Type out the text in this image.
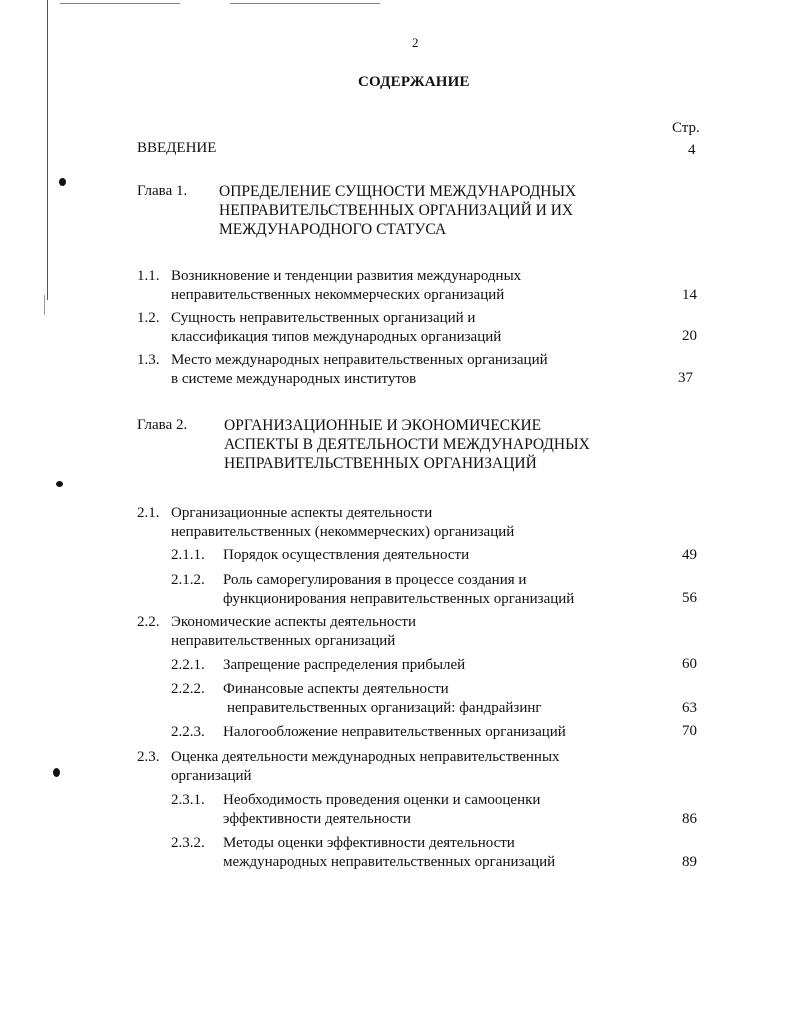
2
СОДЕРЖАНИЕ
Стр.
ВВЕДЕНИЕ	4
Глава 1. ОПРЕДЕЛЕНИЕ СУЩНОСТИ МЕЖДУНАРОДНЫХ
НЕПРАВИТЕЛЬСТВЕННЫХ ОРГАНИЗАЦИЙ И ИХ
МЕЖДУНАРОДНОГО СТАТУСА
1.1. Возникновение и тенденции развития международных
неправительственных некоммерческих организаций	14
1.2. Сущность неправительственных организаций и
классификация типов международных организаций	20
1.3. Место международных неправительственных организаций
в системе международных институтов	37
Глава 2. ОРГАНИЗАЦИОННЫЕ И ЭКОНОМИЧЕСКИЕ
АСПЕКТЫ В ДЕЯТЕЛЬНОСТИ МЕЖДУНАРОДНЫХ
НЕПРАВИТЕЛЬСТВЕННЫХ ОРГАНИЗАЦИЙ
2.1. Организационные аспекты деятельности
неправительственных (некоммерческих) организаций
2.1.1. Порядок осуществления деятельности	49
2.1.2. Роль саморегулирования в процессе создания и
функционирования неправительственных организаций	56
2.2. Экономические аспекты деятельности
неправительственных организаций
2.2.1. Запрещение распределения прибылей	60
2.2.2. Финансовые аспекты деятельности
неправительственных организаций: фандрайзинг	63
2.2.3. Налогообложение неправительственных организаций	70
2.3. Оценка деятельности международных неправительственных
организаций
2.3.1. Необходимость проведения оценки и самооценки
эффективности деятельности	86
2.3.2. Методы оценки эффективности деятельности
международных неправительственных организаций	89
